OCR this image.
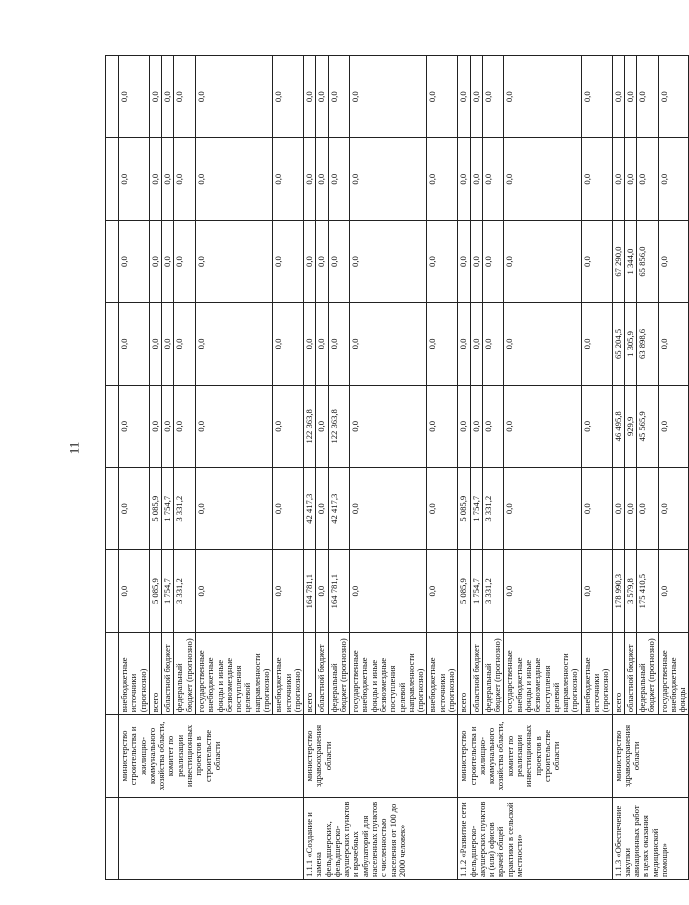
11

	министерство строительства и жилищно-коммунального хозяйства области, комитет по реализации инвестиционных проектов в строительстве области	внебюджетные источники (прогнозно)	0,0	0,0	0,0	0,0	0,0	0,0	0,0
		всего	5 085,9	5 085,9	0,0	0,0	0,0	0,0	0,0
		областной бюджет	1 754,7	1 754,7	0,0	0,0	0,0	0,0	0,0
		федеральный бюджет (прогнозно)	3 331,2	3 331,2	0,0	0,0	0,0	0,0	0,0
		государственные внебюджетные фонды и иные безвозмездные поступления целевой направленности (прогнозно)	0,0	0,0	0,0	0,0	0,0	0,0	0,0
		внебюджетные источники (прогнозно)	0,0	0,0	0,0	0,0	0,0	0,0	0,0
1.1.1 «Создание и замена фельдшерских, фельдшерско-акушерских пунктов и врачебных амбулаторий для населенных пунктов с численностью населения от 100 до 2000 человек»	министерство здравоохранения области	всего	164 781,1	42 417,3	122 363,8	0,0	0,0	0,0	0,0
		областной бюджет	0,0	0,0	0,0	0,0	0,0	0,0	0,0
		федеральный бюджет (прогнозно)	164 781,1	42 417,3	122 363,8	0,0	0,0	0,0	0,0
		государственные внебюджетные фонды и иные безвозмездные поступления целевой направленности (прогнозно)	0,0	0,0	0,0	0,0	0,0	0,0	0,0
		внебюджетные источники (прогнозно)	0,0	0,0	0,0	0,0	0,0	0,0	0,0
1.1.2 «Развитие сети фельдшерско-акушерских пунктов и (или) офисов врачей общей практики в сельской местности»	министерство строительства и жилищно-коммунального хозяйства области, комитет по реализации инвестиционных проектов в строительстве области	всего	5 085,9	5 085,9	0,0	0,0	0,0	0,0	0,0
		областной бюджет	1 754,7	1 754,7	0,0	0,0	0,0	0,0	0,0
		федеральный бюджет (прогнозно)	3 331,2	3 331,2	0,0	0,0	0,0	0,0	0,0
		государственные внебюджетные фонды и иные безвозмездные поступления целевой направленности (прогнозно)	0,0	0,0	0,0	0,0	0,0	0,0	0,0
		внебюджетные источники (прогнозно)	0,0	0,0	0,0	0,0	0,0	0,0	0,0
1.1.3 «Обеспечение закупки авиационных работ в целях оказания медицинской помощи»	министерство здравоохранения области	всего	178 990,3	0,0	46 495,8	65 204,5	67 290,0	0,0	0,0
		областной бюджет	3 579,8	0,0	929,9	1 305,9	1 344,0	0,0	0,0
		федеральный бюджет (прогнозно)	175 410,5	0,0	45 565,9	63 898,6	65 856,0	0,0	0,0
		государственные внебюджетные фонды	0,0	0,0	0,0	0,0	0,0	0,0	0,0
